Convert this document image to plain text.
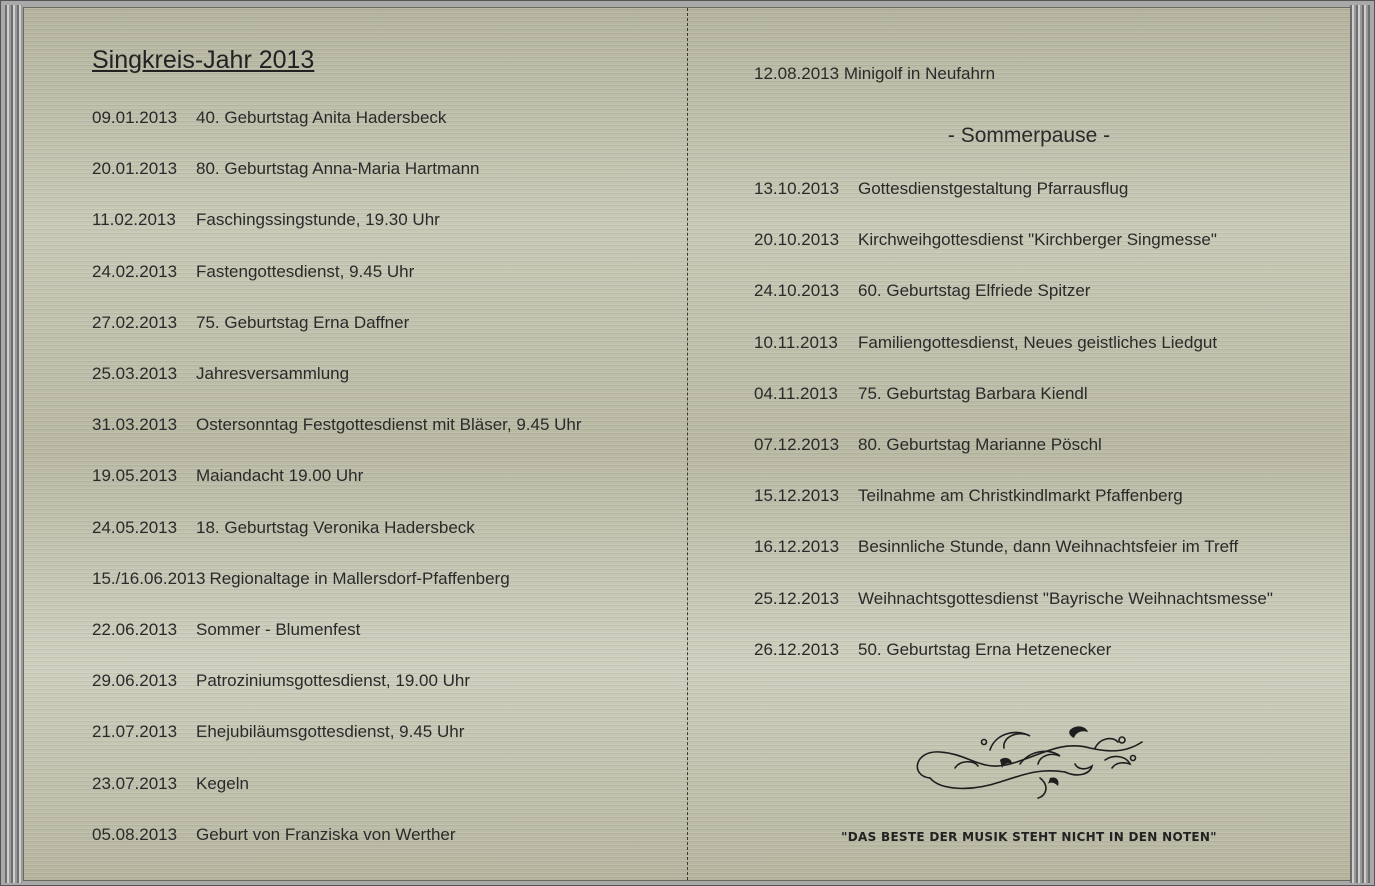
Singkreis-Jahr 2013
09.01.2013 40. Geburtstag Anita Hadersbeck
20.01.2013 80. Geburtstag Anna-Maria Hartmann
11.02.2013 Faschingssingstunde, 19.30 Uhr
24.02.2013 Fastengottesdienst, 9.45 Uhr
27.02.2013 75. Geburtstag Erna Daffner
25.03.2013 Jahresversammlung
31.03.2013 Ostersonntag Festgottesdienst mit Bläser, 9.45 Uhr
19.05.2013 Maiandacht 19.00 Uhr
24.05.2013 18. Geburtstag Veronika Hadersbeck
15./16.06.2013 Regionaltage in Mallersdorf-Pfaffenberg
22.06.2013 Sommer - Blumenfest
29.06.2013 Patroziniumsgottesdienst, 19.00 Uhr
21.07.2013 Ehejubiläumsgottesdienst, 9.45 Uhr
23.07.2013 Kegeln
05.08.2013 Geburt von Franziska von Werther
12.08.2013 Minigolf in Neufahrn
- Sommerpause -
13.10.2013 Gottesdienstgestaltung Pfarrausflug
20.10.2013 Kirchweihgottesdienst "Kirchberger Singmesse"
24.10.2013 60. Geburtstag Elfriede Spitzer
10.11.2013 Familiengottesdienst, Neues geistliches Liedgut
04.11.2013 75. Geburtstag Barbara Kiendl
07.12.2013 80. Geburtstag Marianne Pöschl
15.12.2013 Teilnahme am Christkindlmarkt Pfaffenberg
16.12.2013 Besinnliche Stunde, dann Weihnachtsfeier im Treff
25.12.2013 Weihnachtsgottesdienst "Bayrische Weihnachtsmesse"
26.12.2013 50. Geburtstag Erna Hetzenecker
"DAS BESTE DER MUSIK STEHT NICHT IN DEN NOTEN"
